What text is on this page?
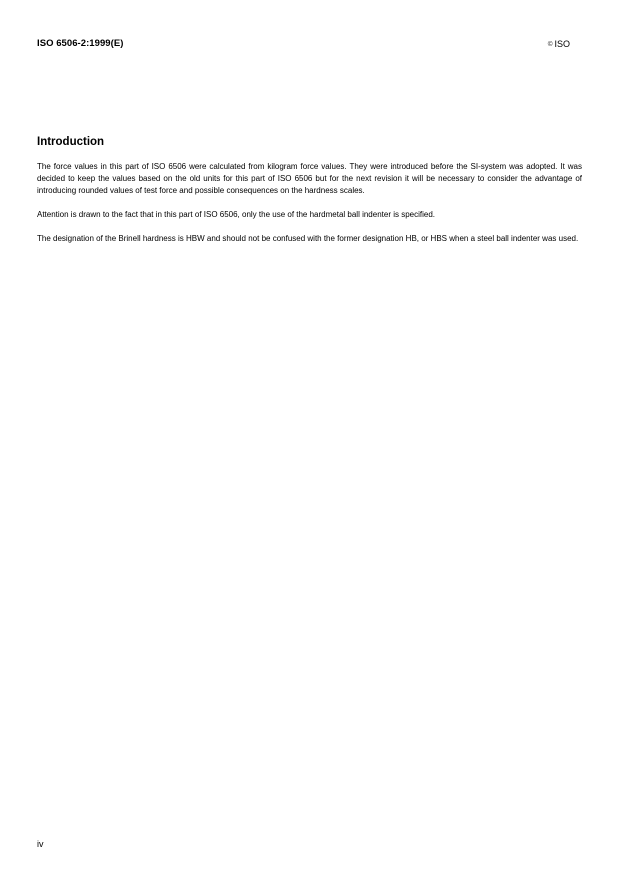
ISO 6506-2:1999(E)	© ISO
Introduction

The force values in this part of ISO 6506 were calculated from kilogram force values. They were introduced before the SI-system was adopted. It was decided to keep the values based on the old units for this part of ISO 6506 but for the next revision it will be necessary to consider the advantage of introducing rounded values of test force and possible consequences on the hardness scales.

Attention is drawn to the fact that in this part of ISO 6506, only the use of the hardmetal ball indenter is specified.

The designation of the Brinell hardness is HBW and should not be confused with the former designation HB, or HBS when a steel ball indenter was used.

iv
